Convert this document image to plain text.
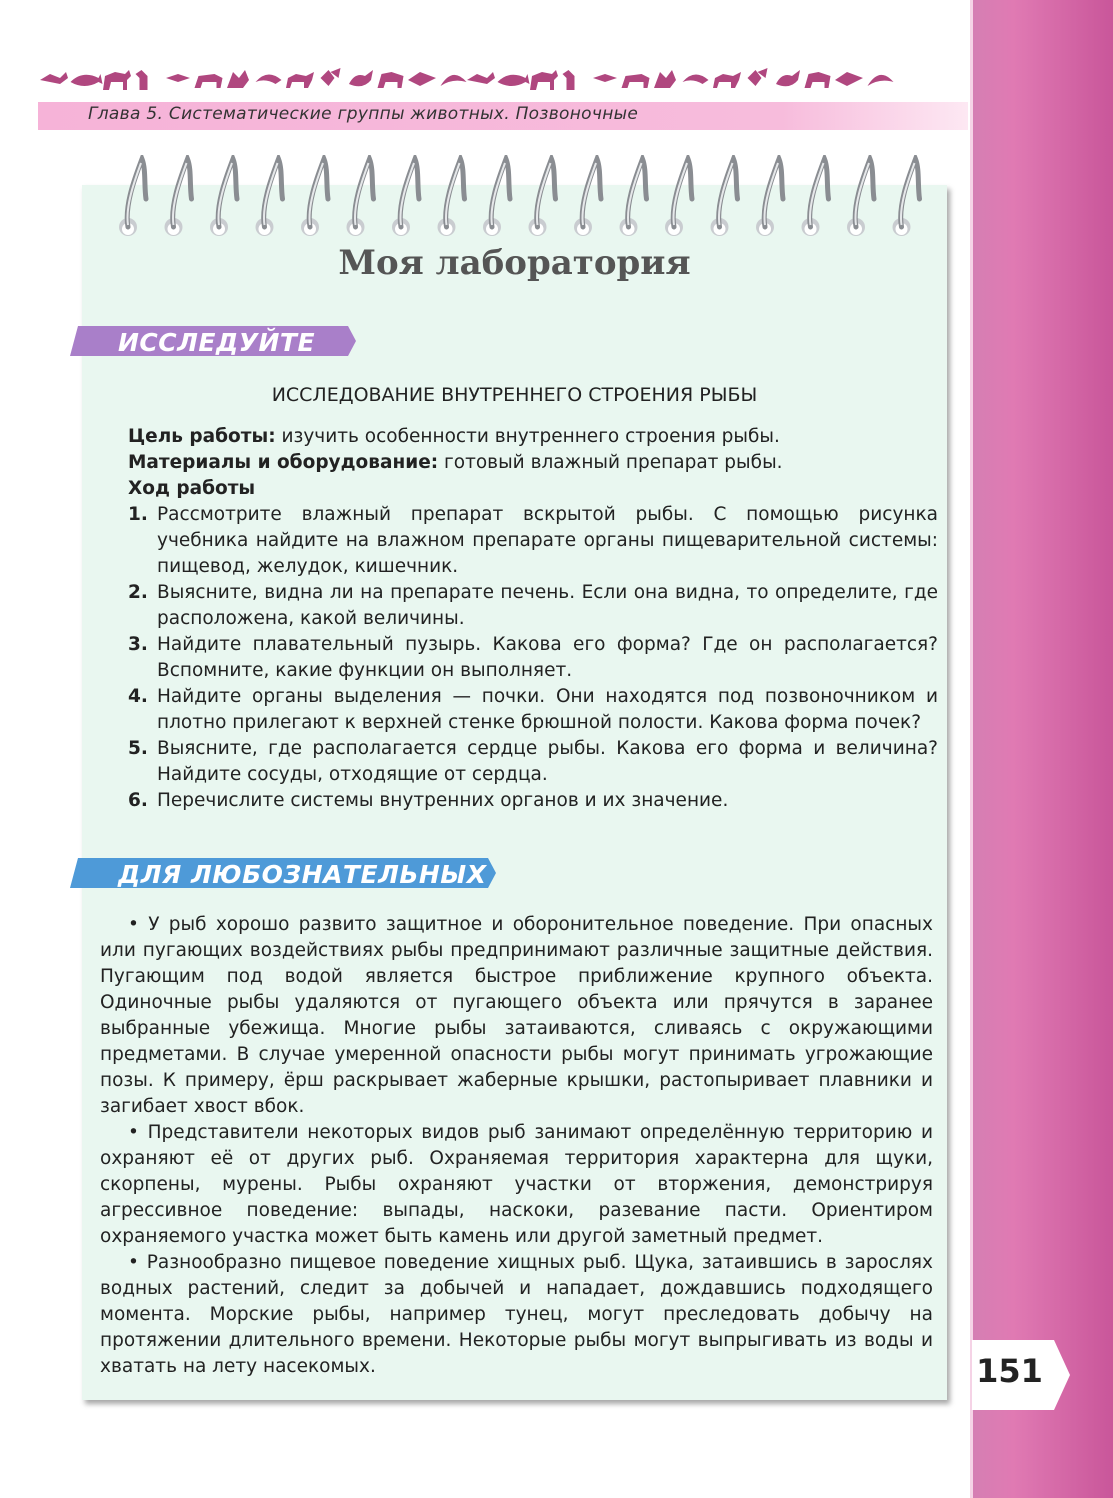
Глава 5. Систематические группы животных. Позвоночные
Моя лаборатория
ИССЛЕДУЙТЕ
ИССЛЕДОВАНИЕ ВНУТРЕННЕГО СТРОЕНИЯ РЫБЫ
Цель работы: изучить особенности внутреннего строения рыбы.
Материалы и оборудование: готовый влажный препарат рыбы.
Ход работы
1. Рассмотрите влажный препарат вскрытой рыбы. С помощью рисунка учебника найдите на влажном препарате органы пищеварительной системы: пищевод, желудок, кишечник.
2. Выясните, видна ли на препарате печень. Если она видна, то определите, где расположена, какой величины.
3. Найдите плавательный пузырь. Какова его форма? Где он располагается? Вспомните, какие функции он выполняет.
4. Найдите органы выделения — почки. Они находятся под позвоночником и плотно прилегают к верхней стенке брюшной полости. Какова форма почек?
5. Выясните, где располагается сердце рыбы. Какова его форма и величина? Найдите сосуды, отходящие от сердца.
6. Перечислите системы внутренних органов и их значение.
ДЛЯ ЛЮБОЗНАТЕЛЬНЫХ

• У рыб хорошо развито защитное и оборонительное поведение. При опасных или пугающих воздействиях рыбы предпринимают различные защитные действия. Пугающим под водой является быстрое приближение крупного объекта. Одиночные рыбы удаляются от пугающего объекта или прячутся в заранее выбранные убежища. Многие рыбы затаиваются, сливаясь с окружающими предметами. В случае умеренной опасности рыбы могут принимать угрожающие позы. К примеру, ёрш раскрывает жаберные крышки, растопыривает плавники и загибает хвост вбок.

• Представители некоторых видов рыб занимают определённую территорию и охраняют её от других рыб. Охраняемая территория характерна для щуки, скорпены, мурены. Рыбы охраняют участки от вторжения, демонстрируя агрессивное поведение: выпады, наскоки, разевание пасти. Ориентиром охраняемого участка может быть камень или другой заметный предмет.

• Разнообразно пищевое поведение хищных рыб. Щука, затаившись в зарослях водных растений, следит за добычей и нападает, дождавшись подходящего момента. Морские рыбы, например тунец, могут преследовать добычу на протяжении длительного времени. Некоторые рыбы могут выпрыгивать из воды и хватать на лету насекомых.	151
